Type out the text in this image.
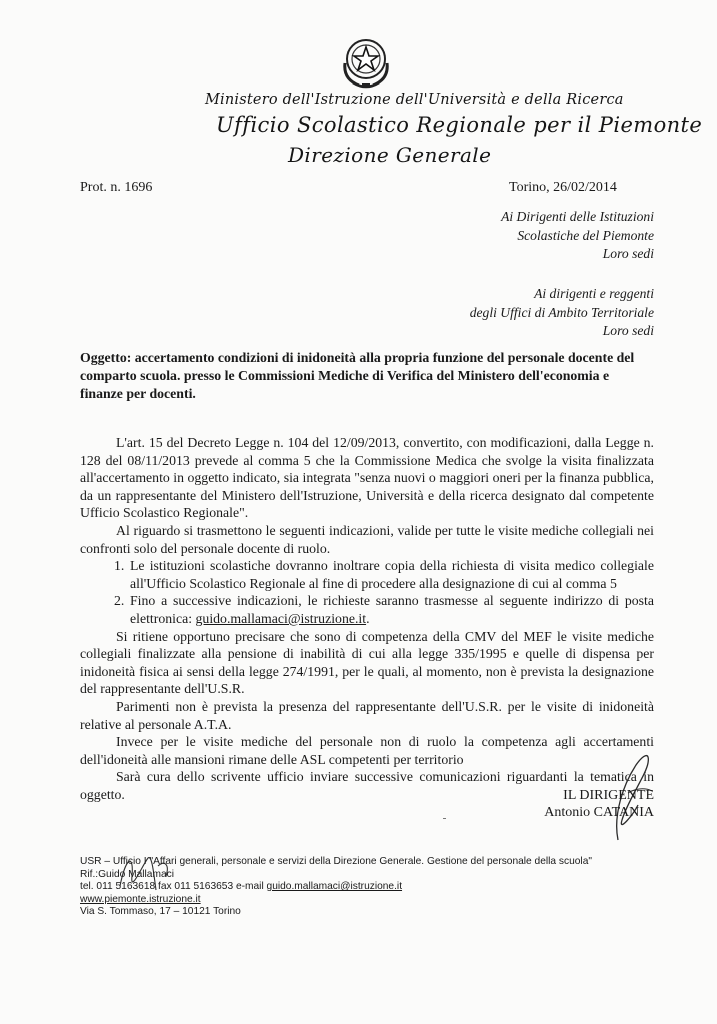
Ministero dell'Istruzione dell'Università e della Ricerca
Ufficio Scolastico Regionale per il Piemonte
Direzione Generale
Prot. n. 1696	Torino, 26/02/2014
Ai Dirigenti delle Istituzioni
Scolastiche del Piemonte
Loro sedi
Ai dirigenti e reggenti
degli Uffici di Ambito Territoriale
Loro sedi
Oggetto: accertamento condizioni di inidoneità alla propria funzione del personale docente del comparto scuola. presso le Commissioni Mediche di Verifica del Ministero dell'economia e finanze per docenti.

L'art. 15 del Decreto Legge n. 104 del 12/09/2013, convertito, con modificazioni, dalla Legge n. 128 del 08/11/2013 prevede al comma 5 che la Commissione Medica che svolge la visita finalizzata all'accertamento in oggetto indicato, sia integrata "senza nuovi o maggiori oneri per la finanza pubblica, da un rappresentante del Ministero dell'Istruzione, Università e della ricerca designato dal competente Ufficio Scolastico Regionale".

Al riguardo si trasmettono le seguenti indicazioni, valide per tutte le visite mediche collegiali nei confronti solo del personale docente di ruolo.

1. Le istituzioni scolastiche dovranno inoltrare copia della richiesta di visita medico collegiale all'Ufficio Scolastico Regionale al fine di procedere alla designazione di cui al comma 5

2. Fino a successive indicazioni, le richieste saranno trasmesse al seguente indirizzo di posta elettronica: guido.mallamaci@istruzione.it.

Si ritiene opportuno precisare che sono di competenza della CMV del MEF le visite mediche collegiali finalizzate alla pensione di inabilità di cui alla legge 335/1995 e quelle di dispensa per inidoneità fisica ai sensi della legge 274/1991, per le quali, al momento, non è prevista la designazione del rappresentante dell'U.S.R.

Parimenti non è prevista la presenza del rappresentante dell'U.S.R. per le visite di inidoneità relative al personale A.T.A.

Invece per le visite mediche del personale non di ruolo la competenza agli accertamenti dell'idoneità alle mansioni rimane delle ASL competenti per territorio

Sarà cura dello scrivente ufficio inviare successive comunicazioni riguardanti la tematica in oggetto.	IL DIRIGENTE
Antonio CATANIA
USR – Ufficio I "Affari generali, personale e servizi della Direzione Generale. Gestione del personale della scuola"
Rif.:Guido Mallamaci
tel. 011 5163618 fax 011 5163653 e-mail guido.mallamaci@istruzione.it
www.piemonte.istruzione.it
Via S. Tommaso, 17 – 10121 Torino
